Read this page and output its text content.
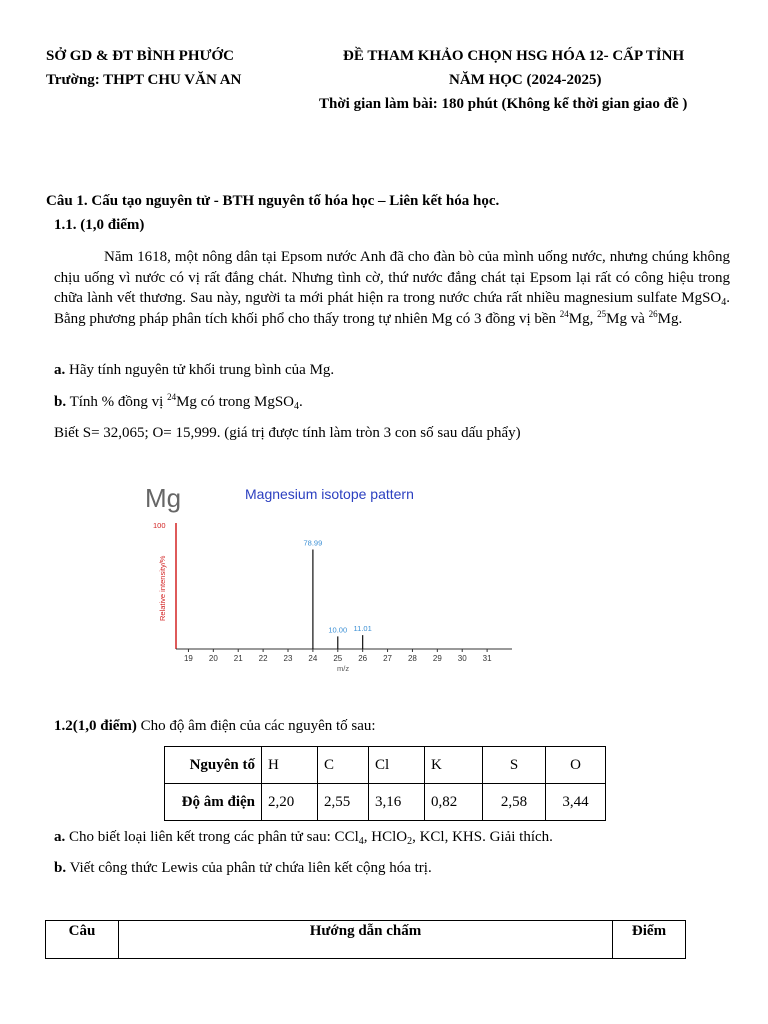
SỞ GD & ĐT BÌNH PHƯỚC
Trường: THPT CHU VĂN AN
ĐỀ THAM KHẢO CHỌN HSG HÓA 12- CẤP TỈNH
NĂM HỌC (2024-2025)
Thời gian làm bài: 180 phút (Không kể thời gian giao đề )
Câu 1. Cấu tạo nguyên tử - BTH nguyên tố hóa học – Liên kết hóa học.
1.1. (1,0 điểm)
Năm 1618, một nông dân tại Epsom nước Anh đã cho đàn bò của mình uống nước, nhưng chúng không chịu uống vì nước có vị rất đắng chát. Nhưng tình cờ, thứ nước đắng chát tại Epsom lại rất có công hiệu trong chữa lành vết thương. Sau này, người ta mới phát hiện ra trong nước chứa rất nhiều magnesium sulfate MgSO$_4$. Bằng phương pháp phân tích khối phổ cho thấy trong tự nhiên Mg có 3 đồng vị bền $^{24}$Mg, $^{25}$Mg và $^{26}$Mg.
a. Hãy tính nguyên tử khối trung bình của Mg.
b. Tính % đồng vị $^{24}$Mg có trong MgSO$_4$.
Biết S= 32,065; O= 15,999. (giá trị được tính làm tròn 3 con số sau dấu phẩy)
Mg	Magnesium isotope pattern
100
Relative intensity/%
19 20 21 22 23 24 25 26 27 28 29 30 31
78.99
10.00 11.01
m/z
1.2(1,0 điểm) Cho độ âm điện của các nguyên tố sau:
Nguyên tố	H	C	Cl	K	S	O
Độ âm điện	2,20	2,55	3,16	0,82	2,58	3,44
a. Cho biết loại liên kết trong các phân tử sau: CCl$_4$, HClO$_2$, KCl, KHS. Giải thích.
b. Viết công thức Lewis của phân tử chứa liên kết cộng hóa trị.
Câu	Hướng dẫn chấm	Điểm
